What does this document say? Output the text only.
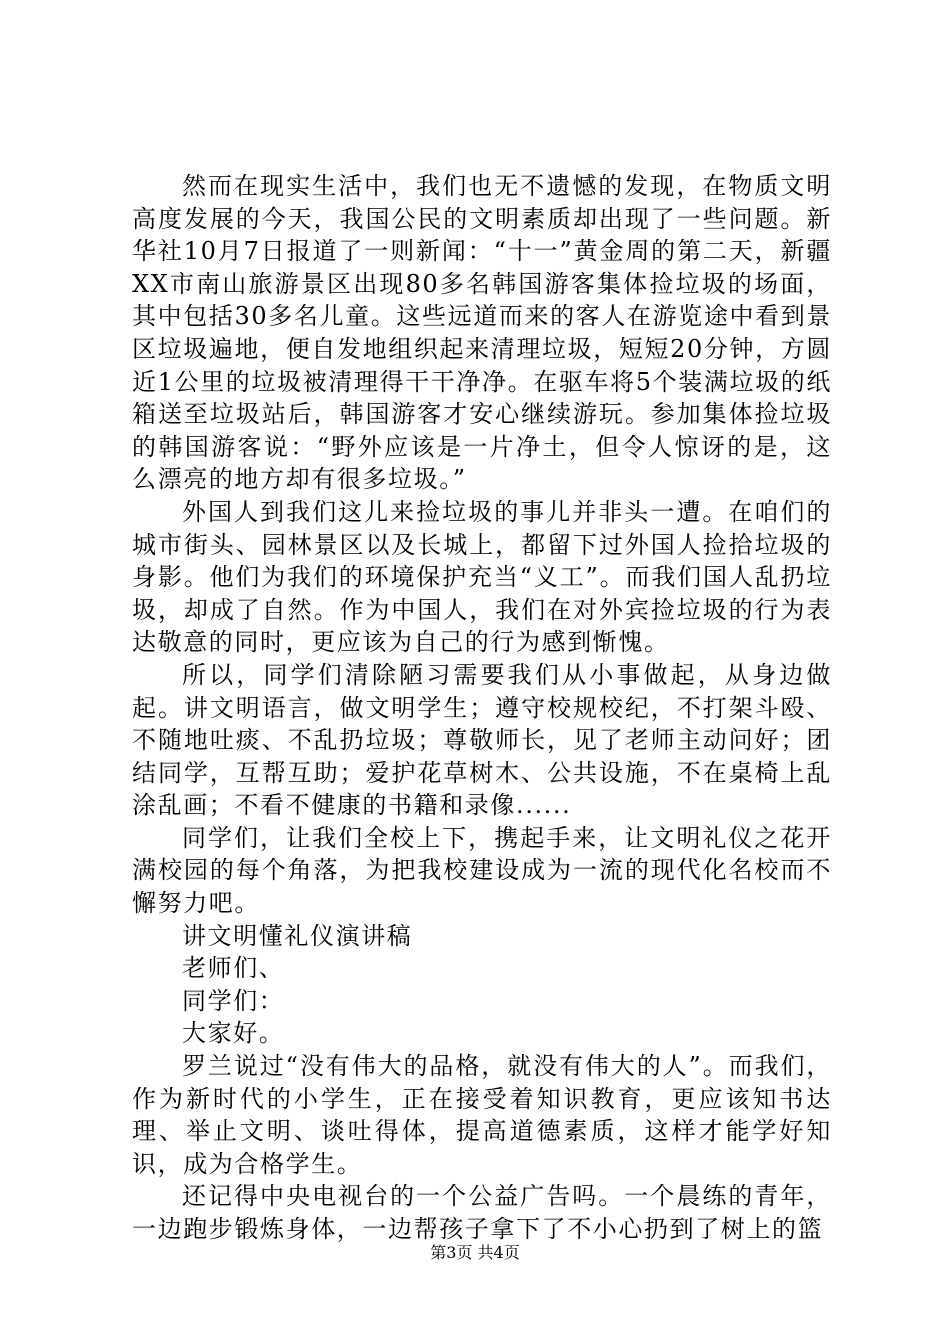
然而在现实生活中，我们也无不遗憾的发现，在物质文明高度发展的今天，我国公民的文明素质却出现了一些问题。新华社10月7日报道了一则新闻：“十一”黄金周的第二天，新疆XX市南山旅游景区出现80多名韩国游客集体捡垃圾的场面，其中包括30多名儿童。这些远道而来的客人在游览途中看到景区垃圾遍地，便自发地组织起来清理垃圾，短短20分钟，方圆近1公里的垃圾被清理得干干净净。在驱车将5个装满垃圾的纸箱送至垃圾站后，韩国游客才安心继续游玩。参加集体捡垃圾的韩国游客说：“野外应该是一片净土，但令人惊讶的是，这么漂亮的地方却有很多垃圾。”

外国人到我们这儿来捡垃圾的事儿并非头一遭。在咱们的城市街头、园林景区以及长城上，都留下过外国人捡拾垃圾的身影。他们为我们的环境保护充当“义工”。而我们国人乱扔垃圾，却成了自然。作为中国人，我们在对外宾捡垃圾的行为表达敬意的同时，更应该为自己的行为感到惭愧。

所以，同学们清除陋习需要我们从小事做起，从身边做起。讲文明语言，做文明学生；遵守校规校纪，不打架斗殴、不随地吐痰、不乱扔垃圾；尊敬师长，见了老师主动问好；团结同学，互帮互助；爱护花草树木、公共设施，不在桌椅上乱涂乱画；不看不健康的书籍和录像......

同学们，让我们全校上下，携起手来，让文明礼仪之花开满校园的每个角落，为把我校建设成为一流的现代化名校而不懈努力吧。

讲文明懂礼仪演讲稿

老师们、

同学们：

大家好。

罗兰说过“没有伟大的品格，就没有伟大的人”。而我们，作为新时代的小学生，正在接受着知识教育，更应该知书达理、举止文明、谈吐得体，提高道德素质，这样才能学好知识，成为合格学生。

还记得中央电视台的一个公益广告吗。一个晨练的青年，一边跑步锻炼身体，一边帮孩子拿下了不小心扔到了树上的篮

第3页 共4页
